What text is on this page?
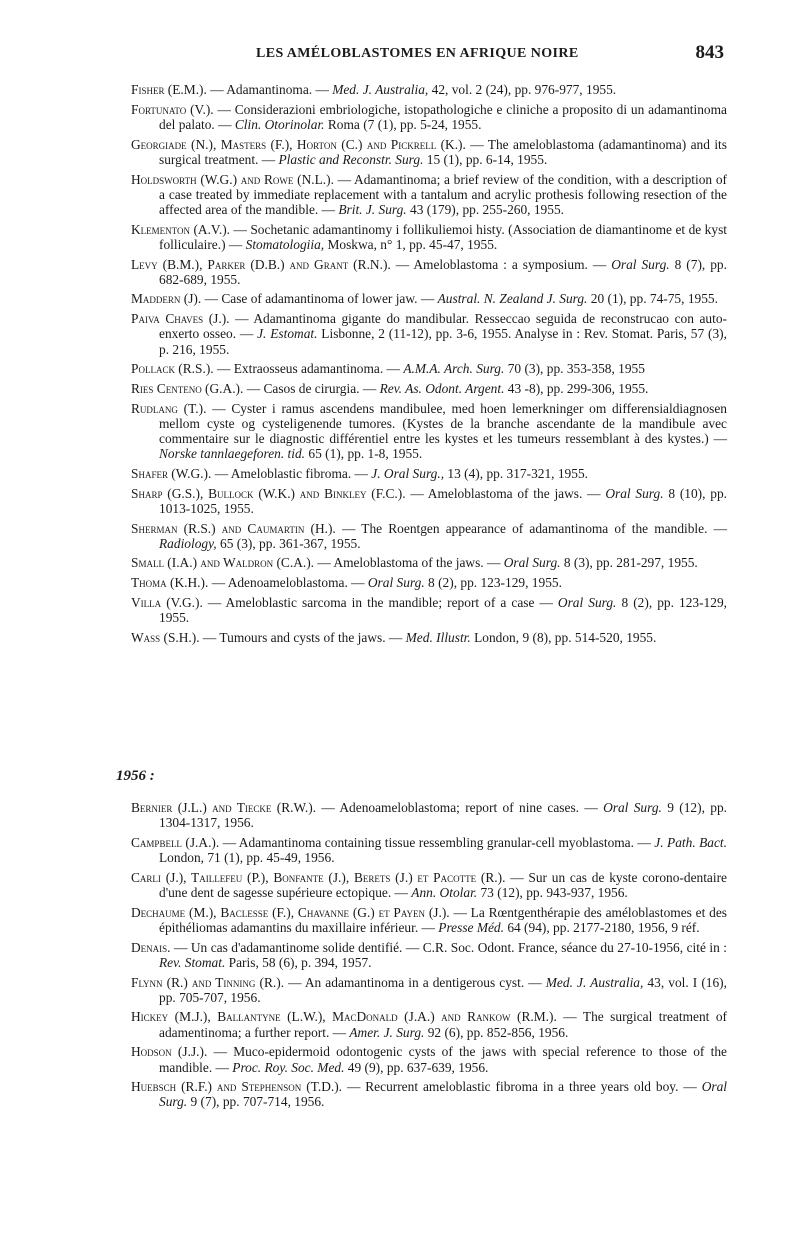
LES AMÉLOBLASTOMES EN AFRIQUE NOIRE	843

Fisher (E.M.). — Adamantinoma. — Med. J. Australia, 42, vol. 2 (24), pp. 976-977, 1955.

Fortunato (V.). — Considerazioni embriologiche, istopathologiche e cliniche a proposito di un adamantinoma del palato. — Clin. Otorinolar. Roma (7 (1), pp. 5-24, 1955.

Georgiade (N.), Masters (F.), Horton (C.) and Pickrell (K.). — The ameloblastoma (adamantinoma) and its surgical treatment. — Plastic and Reconstr. Surg. 15 (1), pp. 6-14, 1955.

Holdsworth (W.G.) and Rowe (N.L.). — Adamantinoma; a brief review of the condition, with a description of a case treated by immediate replacement with a tantalum and acrylic prothesis following resection of the affected area of the mandible. — Brit. J. Surg. 43 (179), pp. 255-260, 1955.

Klementon (A.V.). — Sochetanic adamantinomy i follikuliemoi histy. (Association de diamantinome et de kyst folliculaire.) — Stomatologiia, Moskwa, n° 1, pp. 45-47, 1955.

Levy (B.M.), Parker (D.B.) and Grant (R.N.). — Ameloblastoma : a symposium. — Oral Surg. 8 (7), pp. 682-689, 1955.

Maddern (J). — Case of adamantinoma of lower jaw. — Austral. N. Zealand J. Surg. 20 (1), pp. 74-75, 1955.

Paiva Chaves (J.). — Adamantinoma gigante do mandibular. Resseccao seguida de reconstrucao con auto-enxerto osseo. — J. Estomat. Lisbonne, 2 (11-12), pp. 3-6, 1955. Analyse in : Rev. Stomat. Paris, 57 (3), p. 216, 1955.

Pollack (R.S.). — Extraosseus adamantinoma. — A.M.A. Arch. Surg. 70 (3), pp. 353-358, 1955

Ries Centeno (G.A.). — Casos de cirurgia. — Rev. As. Odont. Argent. 43 -8), pp. 299-306, 1955.

Rudlang (T.). — Cyster i ramus ascendens mandibulee, med hoen lemerkninger om differensialdiagnosen mellom cyste og cysteligenende tumores. (Kystes de la branche ascendante de la mandibule avec commentaire sur le diagnostic différentiel entre les kystes et les tumeurs ressemblant à des kystes.) — Norske tannlaegeforen. tid. 65 (1), pp. 1-8, 1955.

Shafer (W.G.). — Ameloblastic fibroma. — J. Oral Surg., 13 (4), pp. 317-321, 1955.

Sharp (G.S.), Bullock (W.K.) and Binkley (F.C.). — Ameloblastoma of the jaws. — Oral Surg. 8 (10), pp. 1013-1025, 1955.

Sherman (R.S.) and Caumartin (H.). — The Roentgen appearance of adamantinoma of the mandible. — Radiology, 65 (3), pp. 361-367, 1955.

Small (I.A.) and Waldron (C.A.). — Ameloblastoma of the jaws. — Oral Surg. 8 (3), pp. 281-297, 1955.

Thoma (K.H.). — Adenoameloblastoma. — Oral Surg. 8 (2), pp. 123-129, 1955.

Villa (V.G.). — Ameloblastic sarcoma in the mandible; report of a case — Oral Surg. 8 (2), pp. 123-129, 1955.

Wass (S.H.). — Tumours and cysts of the jaws. — Med. Illustr. London, 9 (8), pp. 514-520, 1955.

1956 :

Bernier (J.L.) and Tiecke (R.W.). — Adenoameloblastoma; report of nine cases. — Oral Surg. 9 (12), pp. 1304-1317, 1956.

Campbell (J.A.). — Adamantinoma containing tissue ressembling granular-cell myoblastoma. — J. Path. Bact. London, 71 (1), pp. 45-49, 1956.

Carli (J.), Taillefeu (P.), Bonfante (J.), Berets (J.) et Pacotte (R.). — Sur un cas de kyste corono-dentaire d'une dent de sagesse supérieure ectopique. — Ann. Otolar. 73 (12), pp. 943-937, 1956.

Dechaume (M.), Baclesse (F.), Chavanne (G.) et Payen (J.). — La Rœntgenthérapie des améloblastomes et des épithéliomas adamantins du maxillaire inférieur. — Presse Méd. 64 (94), pp. 2177-2180, 1956, 9 réf.

Denais. — Un cas d'adamantinome solide dentifié. — C.R. Soc. Odont. France, séance du 27-10-1956, cité in : Rev. Stomat. Paris, 58 (6), p. 394, 1957.

Flynn (R.) and Tinning (R.). — An adamantinoma in a dentigerous cyst. — Med. J. Australia, 43, vol. I (16), pp. 705-707, 1956.

Hickey (M.J.), Ballantyne (L.W.), MacDonald (J.A.) and Rankow (R.M.). — The surgical treatment of adamentinoma; a further report. — Amer. J. Surg. 92 (6), pp. 852-856, 1956.

Hodson (J.J.). — Muco-epidermoid odontogenic cysts of the jaws with special reference to those of the mandible. — Proc. Roy. Soc. Med. 49 (9), pp. 637-639, 1956.

Huebsch (R.F.) and Stephenson (T.D.). — Recurrent ameloblastic fibroma in a three years old boy. — Oral Surg. 9 (7), pp. 707-714, 1956.
